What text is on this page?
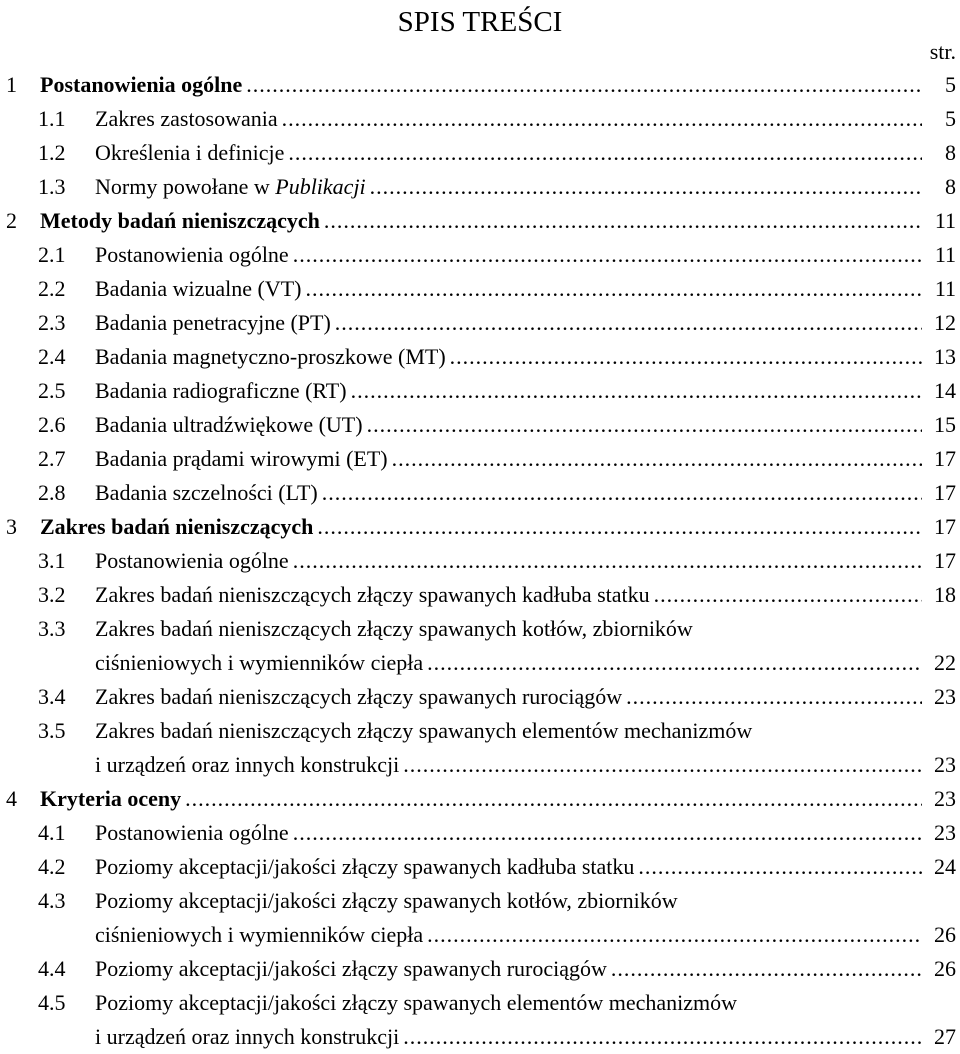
SPIS TREŚCI
str.
1 Postanowienia ogólne .....	5
1.1 Zakres zastosowania .....	5
1.2 Określenia i definicje .....	8
1.3 Normy powołane w Publikacji .....	8
2 Metody badań nieniszczących .....	11
2.1 Postanowienia ogólne .....	11
2.2 Badania wizualne (VT) .....	11
2.3 Badania penetracyjne (PT) .....	12
2.4 Badania magnetyczno-proszkowe (MT) .....	13
2.5 Badania radiograficzne (RT) .....	14
2.6 Badania ultradźwiękowe (UT) .....	15
2.7 Badania prądami wirowymi (ET) .....	17
2.8 Badania szczelności (LT) .....	17
3 Zakres badań nieniszczących .....	17
3.1 Postanowienia ogólne .....	17
3.2 Zakres badań nieniszczących złączy spawanych kadłuba statku .....	18
3.3 Zakres badań nieniszczących złączy spawanych kotłów, zbiorników
ciśnieniowych i wymienników ciepła .....	22
3.4 Zakres badań nieniszczących złączy spawanych rurociągów .....	23
3.5 Zakres badań nieniszczących złączy spawanych elementów mechanizmów
i urządzeń oraz innych konstrukcji .....	23
4 Kryteria oceny .....	23
4.1 Postanowienia ogólne .....	23
4.2 Poziomy akceptacji/jakości złączy spawanych kadłuba statku .....	24
4.3 Poziomy akceptacji/jakości złączy spawanych kotłów, zbiorników
ciśnieniowych i wymienników ciepła .....	26
4.4 Poziomy akceptacji/jakości złączy spawanych rurociągów .....	26
4.5 Poziomy akceptacji/jakości złączy spawanych elementów mechanizmów
i urządzeń oraz innych konstrukcji .....	27
